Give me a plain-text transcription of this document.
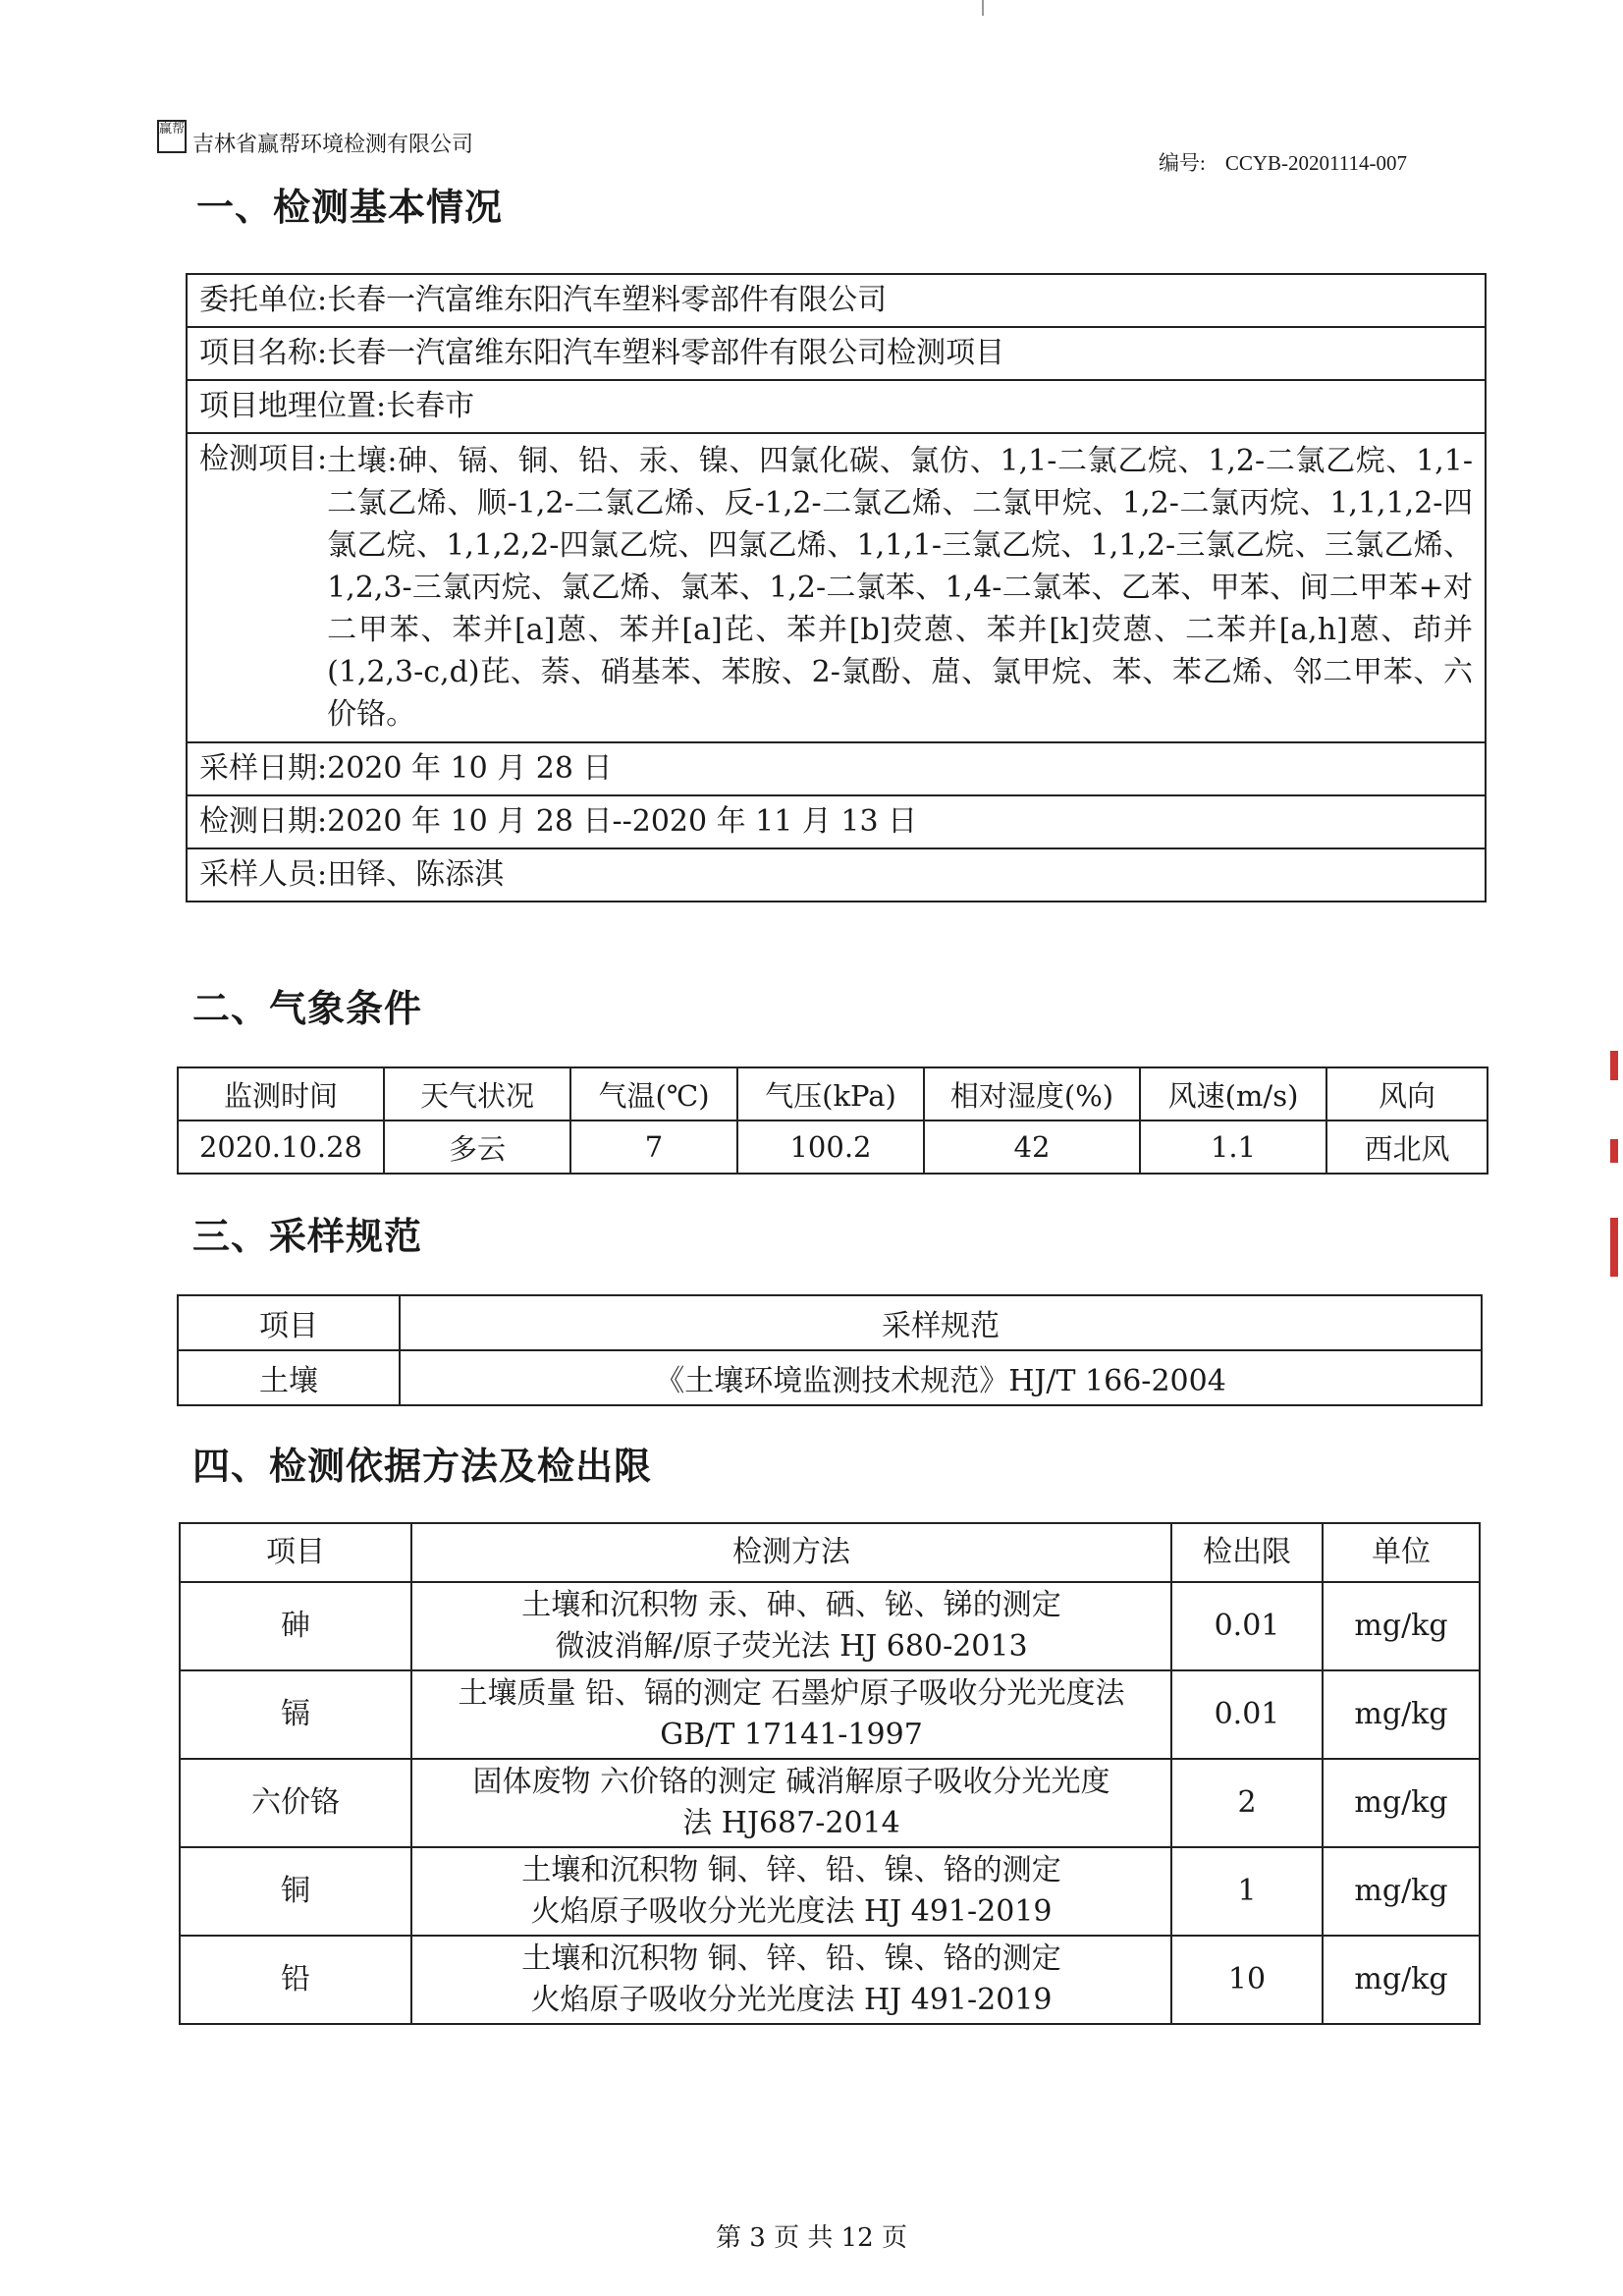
赢帮
吉林省赢帮环境检测有限公司
编号: CCYB-20201114-007
一、检测基本情况
委托单位:长春一汽富维东阳汽车塑料零部件有限公司
项目名称:长春一汽富维东阳汽车塑料零部件有限公司检测项目
项目地理位置:长春市

检测项目: 土壤:砷、镉、铜、铅、汞、镍、四氯化碳、氯仿、1,1-二氯乙烷、1,2-二氯乙烷、1,1-二氯乙烯、顺-1,2-二氯乙烯、反-1,2-二氯乙烯、二氯甲烷、1,2-二氯丙烷、1,1,1,2-四氯乙烷、1,1,2,2-四氯乙烷、四氯乙烯、1,1,1-三氯乙烷、1,1,2-三氯乙烷、三氯乙烯、1,2,3-三氯丙烷、氯乙烯、氯苯、1,2-二氯苯、1,4-二氯苯、乙苯、甲苯、间二甲苯+对二甲苯、苯并[a]蒽、苯并[a]芘、苯并[b]荧蒽、苯并[k]荧蒽、二苯并[a,h]蒽、茚并(1,2,3-c,d)芘、萘、硝基苯、苯胺、2-氯酚、䓛、氯甲烷、苯、苯乙烯、邻二甲苯、六价铬。

采样日期:2020 年 10 月 28 日
检测日期:2020 年 10 月 28 日--2020 年 11 月 13 日
采样人员:田铎、陈添淇
二、气象条件
监测时间	天气状况	气温(℃)	气压(kPa)	相对湿度(%)	风速(m/s)	风向
2020.10.28	多云	7	100.2	42	1.1	西北风
三、采样规范
项目	采样规范
土壤	《土壤环境监测技术规范》HJ/T 166-2004
四、检测依据方法及检出限
项目	检测方法	检出限	单位
砷	土壤和沉积物 汞、砷、硒、铋、锑的测定
微波消解/原子荧光法 HJ 680-2013	0.01	mg/kg
镉	土壤质量 铅、镉的测定 石墨炉原子吸收分光光度法
GB/T 17141-1997	0.01	mg/kg
六价铬	固体废物 六价铬的测定 碱消解原子吸收分光光度
法 HJ687-2014	2	mg/kg
铜	土壤和沉积物 铜、锌、铅、镍、铬的测定
火焰原子吸收分光光度法 HJ 491-2019	1	mg/kg
铅	土壤和沉积物 铜、锌、铅、镍、铬的测定
火焰原子吸收分光光度法 HJ 491-2019	10	mg/kg
第 3 页 共 12 页
